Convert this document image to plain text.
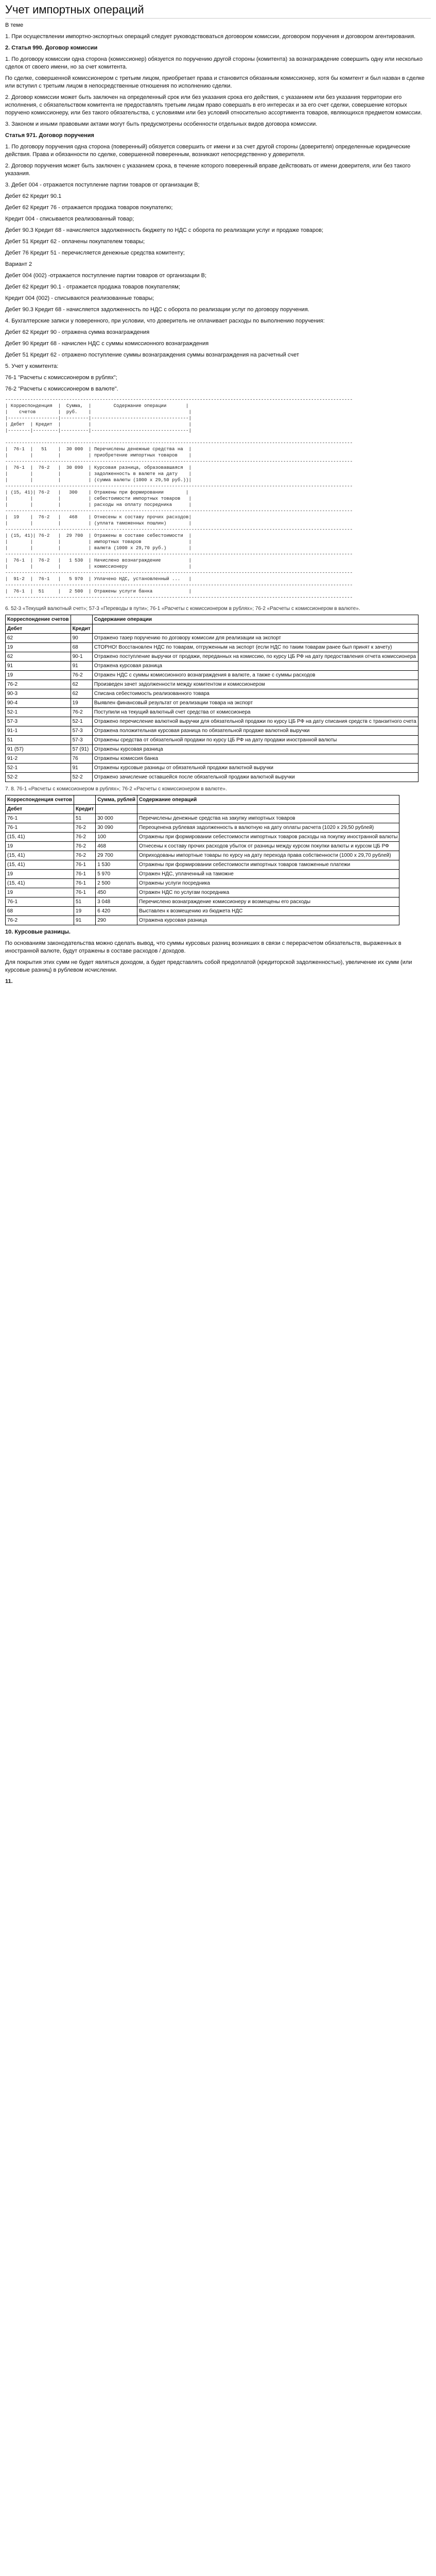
Учет импортных операций

В теме

1. При осуществлении импортно-экспортных операций следует руководствоваться договором комиссии, договором поручения и договором агентирования.

2. Статья 990. Договор комиссии

1. По договору комиссии одна сторона (комиссионер) обязуется по поручению другой стороны (комитента) за вознаграждение совершить одну или несколько сделок от своего имени, но за счет комитента.

По сделке, совершенной комиссионером с третьим лицом, приобретает права и становится обязанным комиссионер, хотя бы комитент и был назван в сделке или вступил с третьим лицом в непосредственные отношения по исполнению сделки.

2. Договор комиссии может быть заключен на определенный срок или без указания срока его действия, с указанием или без указания территории его исполнения, с обязательством комитента не предоставлять третьим лицам право совершать в его интересах и за его счет сделки, совершение которых поручено комиссионеру, или без такого обязательства, с условиями или без условий относительно ассортимента товаров, являющихся предметом комиссии.

3. Законом и иными правовыми актами могут быть предусмотрены особенности отдельных видов договора комиссии.

Статья 971. Договор поручения

1. По договору поручения одна сторона (поверенный) обязуется совершить от имени и за счет другой стороны (доверителя) определенные юридические действия. Права и обязанности по сделке, совершенной поверенным, возникают непосредственно у доверителя.

2. Договор поручения может быть заключен с указанием срока, в течение которого поверенный вправе действовать от имени доверителя, или без такого указания.

3. Дебет 004 - отражается поступление партии товаров от организации В;

Дебет 62 Кредит 90.1

Дебет 62 Кредит 76 - отражается продажа товаров покупателю;

Кредит 004 - списывается реализованный товар;

Дебет 90.3 Кредит 68 - начисляется задолженность бюджету по НДС с оборота по реализации услуг и продаже товаров;

Дебет 51 Кредит 62 - оплачены покупателем товары;

Дебет 76 Кредит 51 - перечисляется денежные средства комитенту;

Вариант 2

Дебет 004 (002) -отражается поступление партии товаров от организации В;

Дебет 62 Кредит 90.1 - отражается продажа товаров покупателям;

Кредит 004 (002) - списываются реализованные товары;

Дебет 90.3 Кредит 68 - начисляется задолженность по НДС с оборота по реализации услуг по договору поручения.

4. Бухгалтерские записи у поверенного, при условии, что доверитель не оплачивает расходы по выполнению поручения:

Дебет 62 Кредит 90 - отражена сумма вознаграждения

Дебет 90 Кредит 68 - начислен НДС с суммы комиссионного вознаграждения

Дебет 51 Кредит 62 - отражено поступление суммы вознаграждения суммы вознаграждения на расчетный счет

5. Учет у комитента:

76-1 "Расчеты с комиссионером в рублях";

76-2 "Расчеты с комиссионером в валюте".

-----------------------------------------------------------------------------------------------------------------------------
| Корреспонденция  |  Сумма,  |        Содержание операции       |
|    счетов        |  руб.    |                                   |
|------------------|----------|-----------------------------------|
| Дебет  | Кредит  |          |                                   |
|--------|---------|----------|-----------------------------------|

-----------------------------------------------------------------------------------------------------------------------------
|  76-1  |   51    |  30 000  | Перечислены денежные средства на  |
|        |         |          | приобретение импортных товаров    |
-----------------------------------------------------------------------------------------------------------------------------
|  76-1  |  76-2   |  30 090  | Курсовая разница, образовавшаяся  |
|        |         |          | задолженность в валюте на дату    |
|        |         |          | (сумма валюты (1000 х 29,50 руб.))|
-----------------------------------------------------------------------------------------------------------------------------
| (15, 41)| 76-2   |   300    | Отражены при формировании        |
|        |         |          | себестоимости импортных товаров   |
|        |         |          | расходы на оплату посредника      |
-----------------------------------------------------------------------------------------------------------------------------
|  19    |  76-2   |   468    | Отнесены к составу прочих расходов|
|        |         |          | (уплата таможенных пошлин)        |
-----------------------------------------------------------------------------------------------------------------------------
| (15, 41)| 76-2   |  29 700  | Отражены в составе себестоимости  |
|        |         |          | импортных товаров                 |
|        |         |          | валюта (1000 x 29,70 руб.)        |
-----------------------------------------------------------------------------------------------------------------------------
|  76-1  |  76-2   |   1 530  | Начислено вознаграждение          |
|        |         |          | комиссионеру                      |
-----------------------------------------------------------------------------------------------------------------------------
|  91-2  |  76-1   |   5 970  | Уплачено НДС, установленный ...   |
-----------------------------------------------------------------------------------------------------------------------------
|  76-1  |  51     |   2 500  | Отражены услуги банка             |
-----------------------------------------------------------------------------------------------------------------------------

6. 52-3 «Текущий валютный счет»; 57-3 «Переводы в пути»; 76-1 «Расчеты с комиссионером в рублях»; 76-2 «Расчеты с комиссионером в валюте».

Корреспондение счетов		Содержание операции
Дебет	Кредит	
62	90	Отражено тазер поручению по договору комиссии для реализации на экспорт
19	68	СТОРНО! Восстановлен НДС по товарам, отгруженным на экспорт (если НДС по таким товарам ранее был принят к зачету)
62	90-1	Отражено поступление выручки от продажи, переданных на комиссию, по курсу ЦБ РФ на дату предоставления отчета комиссионера
91	91	Отражена курсовая разница
19	76-2	Отражен НДС с суммы комиссионного вознаграждения в валюте, а также с суммы расходов
76-2	62	Произведен зачет задолженности между комитентом и комиссионером
90-3	62	Списана себестоимость реализованного товара
90-4	19	Выявлен финансовый результат от реализации товара на экспорт
52-1	76-2	Поступили на текущий валютный счет средства от комиссионера
57-3	52-1	Отражено перечисление валютной выручки для обязательной продажи по курсу ЦБ РФ на дату списания средств с транзитного счета
91-1	57-3	Отражена положительная курсовая разница по обязательной продаже валютной выручки
51	57-3	Отражены средства от обязательной продажи по курсу ЦБ РФ на дату продажи иностранной валюты
91 (57)	57 (91)	Отражены курсовая разница
91-2	76	Отражены комиссия банка
52-1	91	Отражены курсовые разницы от обязательной продажи валютной выручки
52-2	52-2	Отражено зачисление оставшейся после обязательной продажи валютной выручки

7. 8. 76-1 «Расчеты с комиссионером в рублях»; 76-2 «Расчеты с комиссионером в валюте».

Корреспонденция счетов		Сумма, рублей	Содержание операций
Дебет	Кредит		
76-1	51	30 000	Перечислены денежные средства на закупку импортных товаров
76-1	76-2	30 090	Переоценена рублевая задолженность в валютную на дату оплаты расчета (1020 х 29,50 рублей)
(15, 41)	76-2	100	Отражены при формировании себестоимости импортных товаров расходы на покупку иностранной валюты
19	76-2	468	Отнесены к составу прочих расходов убыток от разницы между курсом покупки валюты и курсом ЦБ РФ
(15, 41)	76-2	29 700	Оприходованы импортные товары по курсу на дату перехода права собственности (1000 х 29,70 рублей)
(15, 41)	76-1	1 530	Отражены при формировании себестоимости импортных товаров таможенные платежи
19	76-1	5 970	Отражен НДС, уплаченный на таможне
(15, 41)	76-1	2 500	Отражены услуги посредника
19	76-1	450	Отражен НДС по услугам посредника
76-1	51	3 048	Перечислено вознаграждение комиссионеру и возмещены его расходы
68	19	6 420	Выставлен к возмещению из бюджета НДС
76-2	91	290	Отражена курсовая разница

10. Курсовые разницы.

По основаниям законодательства можно сделать вывод, что суммы курсовых разниц возникших в связи с перерасчетом обязательств, выраженных в иностранной валюте, будут отражены в составе расходов / доходов.

Для покрытия этих сумм не будет являться доходом, а будет представлять собой предоплатой (кредиторской задолженностью), увеличение их сумм (или курсовые разниц) в рублевом исчислении.

11.
